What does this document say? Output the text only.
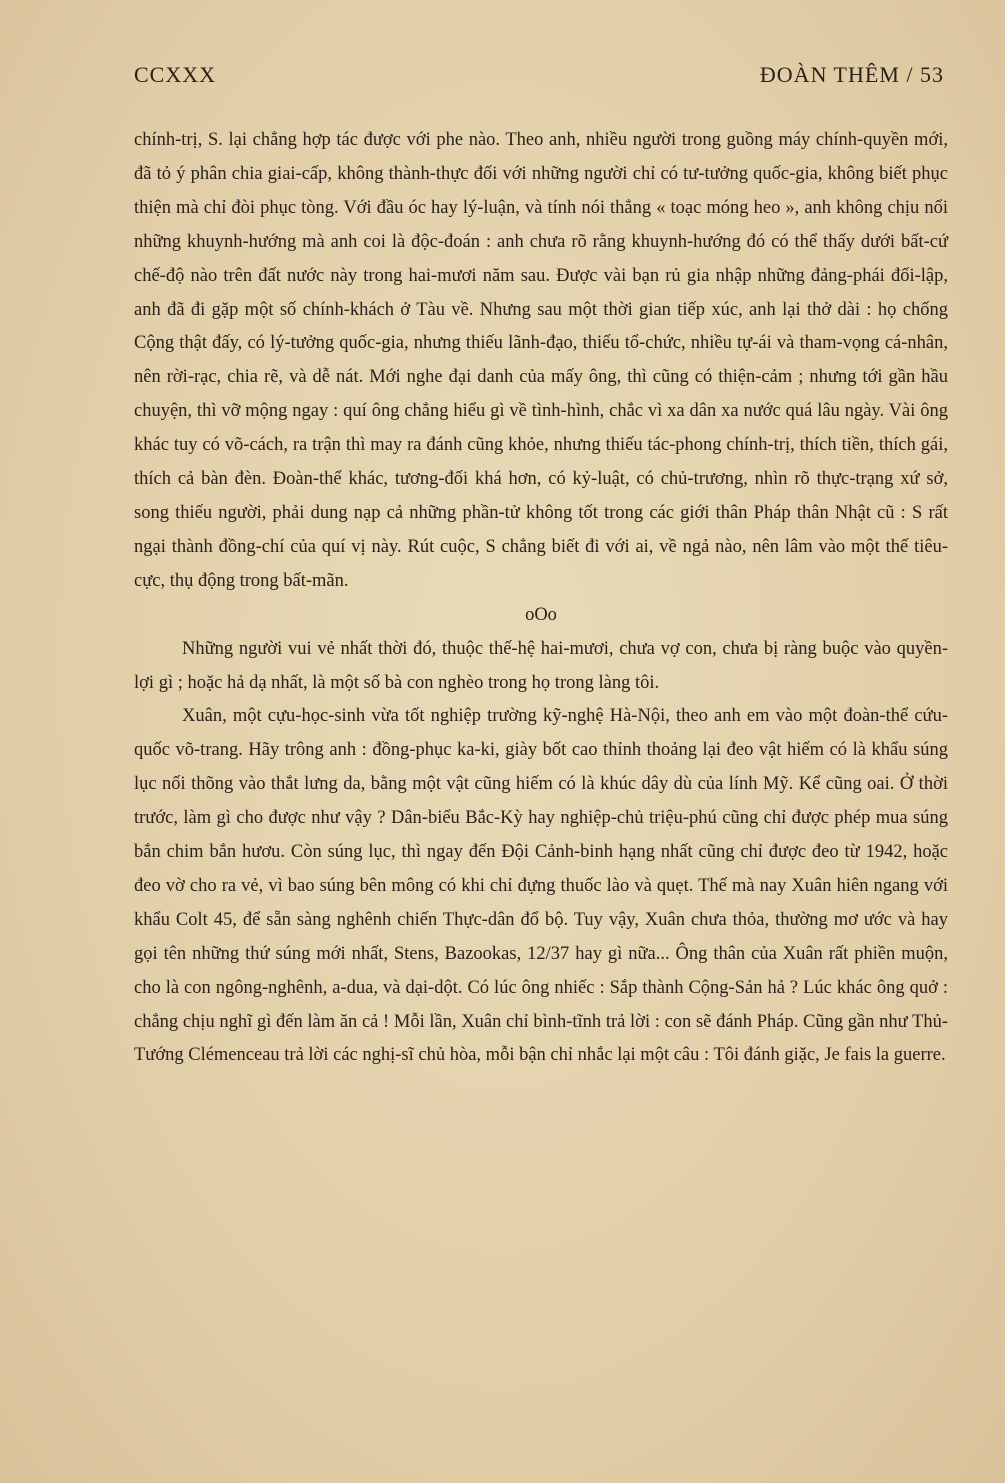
CCXXX	ĐOÀN THÊM / 53

chính-trị, S. lại chẳng hợp tác được với phe nào. Theo anh, nhiều người trong guồng máy chính-quyền mới, đã tỏ ý phân chia giai-cấp, không thành-thực đối với những người chỉ có tư-tưởng quốc-gia, không biết phục thiện mà chỉ đòi phục tòng. Với đầu óc hay lý-luận, và tính nói thẳng « toạc móng heo », anh không chịu nổi những khuynh-hướng mà anh coi là độc-đoán : anh chưa rõ rằng khuynh-hướng đó có thể thấy dưới bất-cứ chế-độ nào trên đất nước này trong hai-mươi năm sau. Được vài bạn rủ gia nhập những đảng-phái đối-lập, anh đã đi gặp một số chính-khách ở Tàu về. Nhưng sau một thời gian tiếp xúc, anh lại thở dài : họ chống Cộng thật đấy, có lý-tưởng quốc-gia, nhưng thiếu lãnh-đạo, thiếu tổ-chức, nhiều tự-ái và tham-vọng cá-nhân, nên rời-rạc, chia rẽ, và dễ nát. Mới nghe đại danh của mấy ông, thì cũng có thiện-cảm ; nhưng tới gần hầu chuyện, thì vỡ mộng ngay : quí ông chẳng hiểu gì về tình-hình, chắc vì xa dân xa nước quá lâu ngày. Vài ông khác tuy có võ-cách, ra trận thì may ra đánh cũng khỏe, nhưng thiếu tác-phong chính-trị, thích tiền, thích gái, thích cả bàn đèn. Đoàn-thể khác, tương-đối khá hơn, có kỷ-luật, có chủ-trương, nhìn rõ thực-trạng xứ sở, song thiếu người, phải dung nạp cả những phần-tử không tốt trong các giới thân Pháp thân Nhật cũ : S rất ngại thành đồng-chí của quí vị này. Rút cuộc, S chẳng biết đi với ai, về ngả nào, nên lâm vào một thế tiêu-cực, thụ động trong bất-mãn.

oOo

Những người vui vẻ nhất thời đó, thuộc thế-hệ hai-mươi, chưa vợ con, chưa bị ràng buộc vào quyền-lợi gì ; hoặc hả dạ nhất, là một số bà con nghèo trong họ trong làng tôi.

Xuân, một cựu-học-sinh vừa tốt nghiệp trường kỹ-nghệ Hà-Nội, theo anh em vào một đoàn-thể cứu-quốc võ-trang. Hãy trông anh : đồng-phục ka-ki, giày bốt cao thỉnh thoảng lại đeo vật hiếm có là khẩu súng lục nối thõng vào thắt lưng da, bằng một vật cũng hiếm có là khúc dây dù của lính Mỹ. Kể cũng oai. Ở thời trước, làm gì cho được như vậy ? Dân-biểu Bắc-Kỳ hay nghiệp-chủ triệu-phú cũng chỉ được phép mua súng bắn chim bắn hươu. Còn súng lục, thì ngay đến Đội Cảnh-binh hạng nhất cũng chỉ được đeo từ 1942, hoặc đeo vờ cho ra vẻ, vì bao súng bên mông có khi chỉ đựng thuốc lào và quẹt. Thế mà nay Xuân hiên ngang với khẩu Colt 45, để sẵn sàng nghênh chiến Thực-dân đổ bộ. Tuy vậy, Xuân chưa thỏa, thường mơ ước và hay gọi tên những thứ súng mới nhất, Stens, Bazookas, 12/37 hay gì nữa... Ông thân của Xuân rất phiền muộn, cho là con ngông-nghênh, a-dua, và dại-dột. Có lúc ông nhiếc : Sắp thành Cộng-Sản hả ? Lúc khác ông quở : chẳng chịu nghĩ gì đến làm ăn cả ! Mỗi lần, Xuân chỉ bình-tĩnh trả lời : con sẽ đánh Pháp. Cũng gần như Thủ-Tướng Clémenceau trả lời các nghị-sĩ chủ hòa, mỗi bận chỉ nhắc lại một câu : Tôi đánh giặc, Je fais la guerre.
